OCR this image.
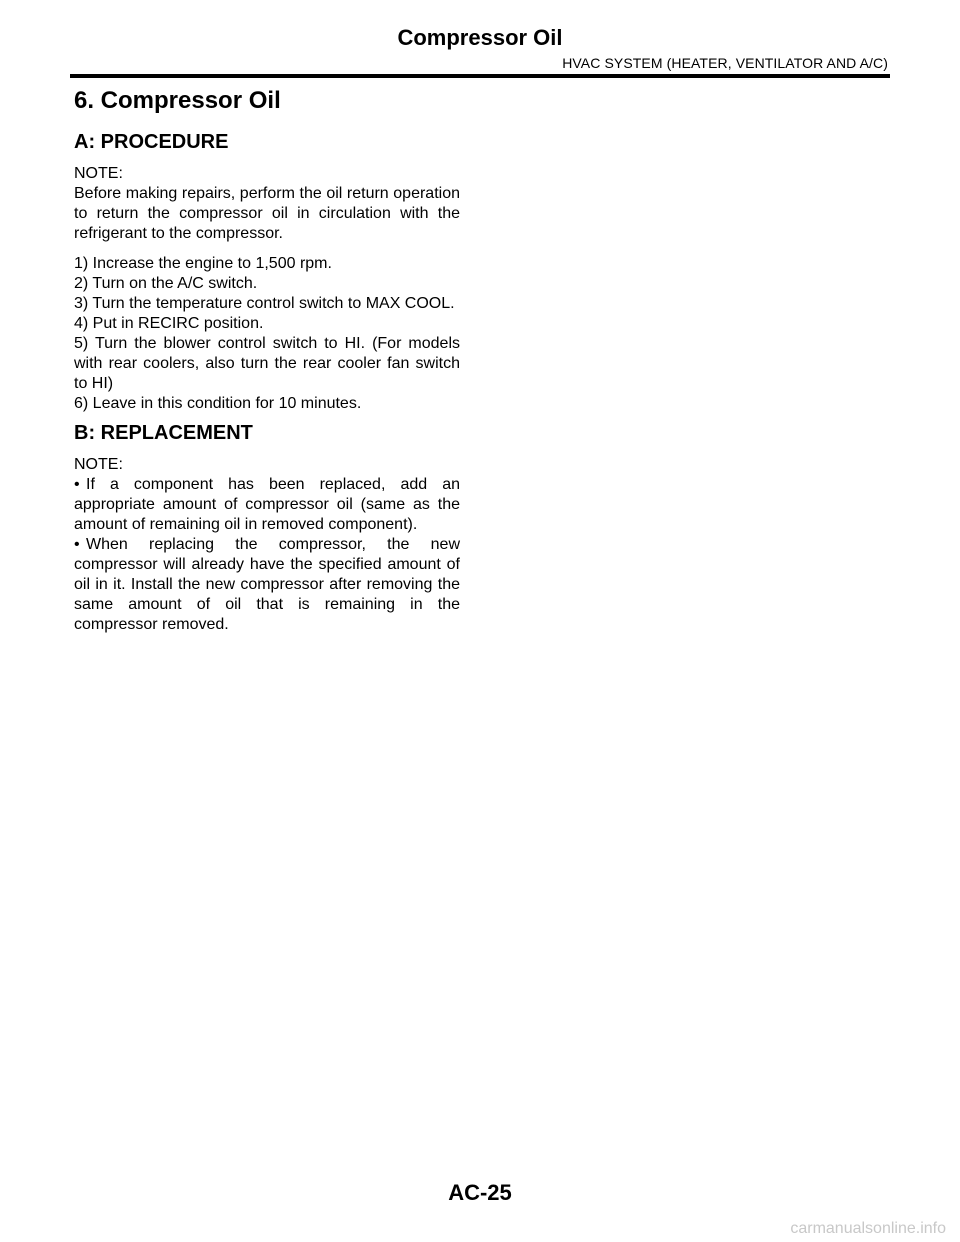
Compressor Oil
HVAC SYSTEM (HEATER, VENTILATOR AND A/C)
6. Compressor Oil
A: PROCEDURE
NOTE:
Before making repairs, perform the oil return operation to return the compressor oil in circulation with the refrigerant to the compressor.
1) Increase the engine to 1,500 rpm.
2) Turn on the A/C switch.
3) Turn the temperature control switch to MAX COOL.
4) Put in RECIRC position.
5) Turn the blower control switch to HI. (For models with rear coolers, also turn the rear cooler fan switch to HI)
6) Leave in this condition for 10 minutes.
B: REPLACEMENT
NOTE:
• If a component has been replaced, add an appropriate amount of compressor oil (same as the amount of remaining oil in removed component).
• When replacing the compressor, the new compressor will already have the specified amount of oil in it. Install the new compressor after removing the same amount of oil that is remaining in the compressor removed.
AC-25
carmanualsonline.info
